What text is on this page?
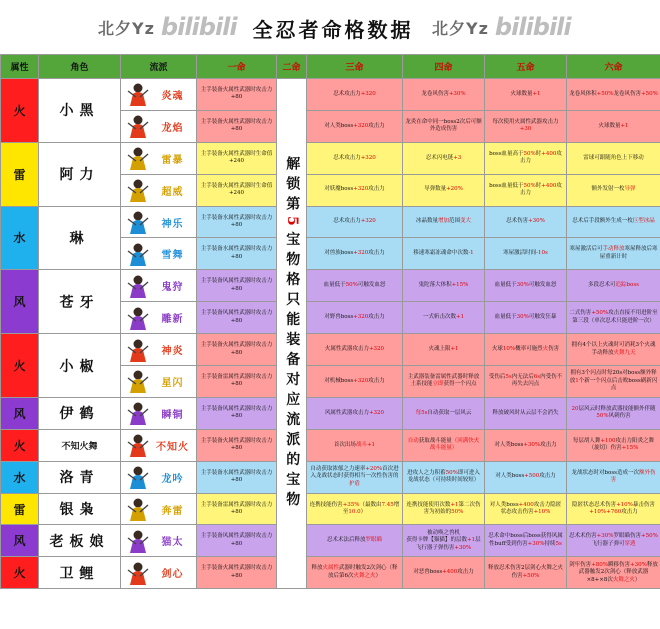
北夕Yz bilibili 全忍者命格数据	北夕Yz bilibili
属性	角色	流派	一命	二命	三命	四命	五命	六命
火	小黑	炎魂	主手装备火属性武器时攻击力+80	解锁第5宝物格只能装备对应流派的宝物	忍术攻击力+320	龙卷风伤害+30%	火球数量+1	龙卷风体积+50%龙卷风伤害+50%

		龙焰	主手装备火属性武器时攻击力+80		对人类boss+320攻击力	龙炎在命中同一boss2次后可额外造成伤害	每次使用火属性武器攻击力+30	火球数量+1
雷	阿力	雷暴	主手装备火属性武器时生命值+240		忍术攻击力+320	忍术闪电链+3	boss血量高于50%时+400攻击力	雷球可跟随角色上下移动

		超威	主手装备火属性武器时生命值+240		对妖魔boss+320攻击力	导弹数量+20%	boss血量低于50%时+400攻击力	额外发射一枚导弹
水	琳	神乐	主手装备水属性武器时攻击力+80		忍术攻击力+320	冰晶数量增加范围变大	忍术伤害+30%	忍术后手段额外生成一枚巨型冰晶

		雪舞	主手装备水属性武器时攻击力+80		对兽族boss+320攻击力	移速寒霜冻魂命中次数-1	寒屋激活时间-10s	寒屋激活后可手动释放寒屋释放后寒屋重新计时
风	苍牙	鬼狩	主手装备风属性武器时攻击力+80		血量低于50%可触发血怒	鬼陀落大体积+15%	血量低于30%可触发血怒	多段忍术可追踪boss

		雕新	主手装备风属性武器时攻击力+80		对野兽boss+320攻击力	一式斩击次数+1	血量低于30%可触发狂暴	二式伤害+50%攻击直接不用进阶至第三段（单次忍术只能进阶一次）
火	小椒	神炎	主手装备火属性武器时攻击力+80		火属性武器攻击力+320	火魂上限+1	火球10%概率可施烈火伤害	拥有4个以上火魂时可消耗3个火魂手动释放火舞九天

		星闪	主手装备雷属性武器时攻击力+80		对机械boss+320攻击力	主武器装备雷属性武器时释放土系技能立即获得一个闪点	受伤后5s内无法后6s内受伤不再失去闪点	拥有3个闪点时每20s对boss额外释放1个新一个闪点后击败boss刷新闪点
风	伊鹤	瞬铜	主手装备风属性武器时攻击力+80		风属性武器攻击力+320	每5s自动获取一层风云	释放破风时从云层不会消失	20层风云时释放武器技能额外伴随50%风刺伤害
火	不知火舞	不知火	主手装备火属性武器时攻击力+80		首次出场战斗+1	自动获取战斗能量（回满快火战斗能量）	对人类boss+30%攻击力	每层胡人舞+100攻击力阳炎之舞（旋切）伤害+15%
水	洛青	龙吟	主手装备水属性武器时攻击力+80		自动获取浓郁之力速率+20%首次进入龙战状态时获得相当一次性伤害的护盾	进攻人之力积蓄50%即可进入龙战状态（可持续时间较短）	对人类boss+500攻击力	龙战状态时对boss造成一次额外伤害
雷	银枭	奔雷	主手装备雷属性武器时攻击力+80		连携技能伤害+35%（最数由7.45增至10.0）	连携技能使用次数+1第二次伤害为初始的50%	对人类boss+400攻击力隐匿状态攻击伤害+10%	隐匿状态忍术伤害+10%暴击伤害+10%+760攻击力
风	老板娘	猫太	主手装备风属性武器时攻击力+80		忍术术法后释放罗眼瞄	被动唤之兽机获得卡牌【猫猫】的层数+1层飞行器子弹伤害+30%	忍术命中boss后boss获得风属性buff受到伤害+30%持续5s	忍术术伤害+30%罗眼瞄伤害+50%飞行器子弹可穿透
火	卫鲤	剑心	主手装备火属性武器时攻击力+80		释放火属性武器时触发2次剑心（释放后第6次火舞之火）	对恶兽boss+400攻击力	释放忍术伤害2层剑心火舞之火伤害+50%	剑牢伤害+80%瞬移伤害+30%释放武器触发2次剑心（释放武器×8+×8次火舞之火）
